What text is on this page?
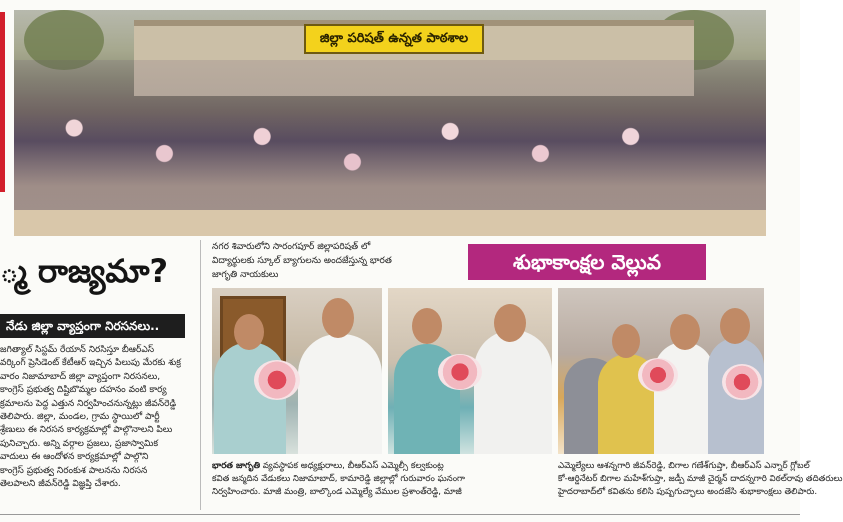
జిల్లా పరిషత్ ఉన్నత పాఠశాల
్మ రాజ్యమా?
నేడు జిల్లా వ్యాప్తంగా నిరసనలు..

జగిత్యాల్ సిస్టమ్ రేయాన్ నిరసిస్తూ బీఆర్‌ఎస్

వర్కింగ్ ప్రెసిడెంట్ కేటీఆర్ ఇచ్చిన పిలుపు మేరకు శుక్ర

వారం నిజామాబాద్ జిల్లా వ్యాప్తంగా నిరసనలు,

కాంగ్రెస్ ప్రభుత్వ దిష్టిబొమ్మల దహనం వంటి కార్య

క్రమాలను పెద్ద ఎత్తున నిర్వహించనున్నట్లు జీవన్‌రెడ్డి

తెలిపారు. జిల్లా, మండల, గ్రామ స్థాయిలో పార్టీ

శ్రేణులు ఈ నిరసన కార్యక్రమాల్లో పాల్గొనాలని పిలు

పునిచ్చారు. అన్ని వర్గాల ప్రజలు, ప్రజాస్వామిక

వాదులు ఈ ఆందోళన కార్యక్రమాల్లో పాల్గొని

కాంగ్రెస్ ప్రభుత్వ నిరంకుశ పాలనను నిరసన

తెలపాలని జీవన్‌రెడ్డి విజ్ఞప్తి చేశారు.

నగర శివారులోని సారంగపూర్ జిల్లాపరిషత్ లో
విద్యార్థులకు స్కూల్ బ్యాగులను అందజేస్తున్న భారత
జాగృతి నాయకులు
శుభాకాంక్షల వెల్లువ
భారత జాగృతి వ్యవస్థాపక అధ్యక్షురాలు, బీఆర్‌ఎస్ ఎమ్మెల్సీ కల్వకుంట్ల
కవిత జన్మదిన వేడుకలు నిజామాబాద్, కామారెడ్డి జిల్లాల్లో గురువారం ఘనంగా
నిర్వహించారు. మాజీ మంత్రి, బాల్కొండ ఎమ్మెల్యే వేముల ప్రశాంత్‌రెడ్డి, మాజీ
ఎమ్మెల్యేలు ఆశన్నగారి జీవన్‌రెడ్డి, బిగాల గణేశ్‌గుప్తా, బీఆర్‌ఎస్ ఎన్నార్ గ్లోబల్
కో-ఆర్డినేటర్ బిగాల మహేశ్‌గుప్తా, జడ్పీ మాజీ చైర్మన్ దాదన్నగారి విఠల్‌రావు తదితరులు
హైదరాబాద్‌లో కవితను కలిసి పుష్పగుచ్ఛాలు అందజేసి శుభాకాంక్షలు తెలిపారు.
